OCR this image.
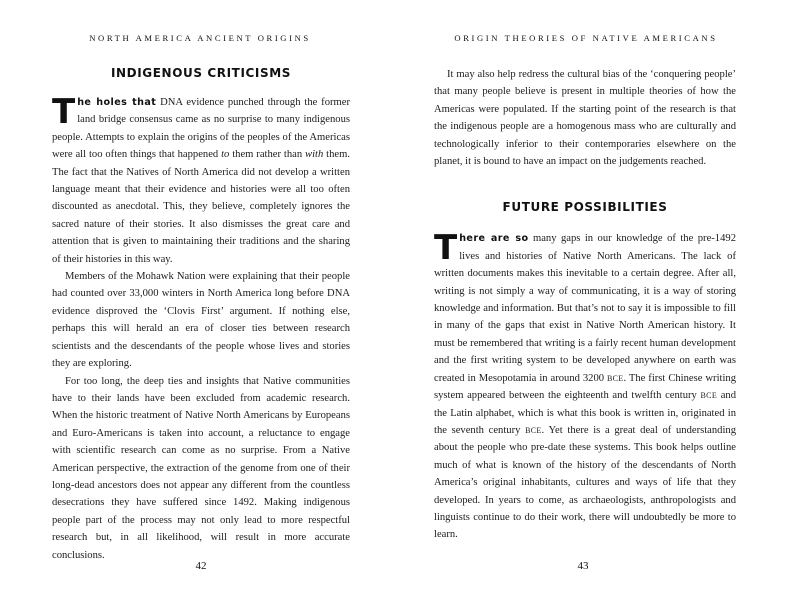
NORTH AMERICA ANCIENT ORIGINS
INDIGENOUS CRITICISMS

The holes that DNA evidence punched through the former land bridge consensus came as no surprise to many indigenous people. Attempts to explain the origins of the peoples of the Americas were all too often things that happened to them rather than with them. The fact that the Natives of North America did not develop a written language meant that their evidence and histories were all too often discounted as anecdotal. This, they believe, completely ignores the sacred nature of their stories. It also dismisses the great care and attention that is given to maintaining their traditions and the sharing of their histories in this way.

Members of the Mohawk Nation were explaining that their people had counted over 33,000 winters in North America long before DNA evidence disproved the ‘Clovis First’ argument. If nothing else, perhaps this will herald an era of closer ties between research scientists and the descendants of the people whose lives and stories they are exploring.

For too long, the deep ties and insights that Native communities have to their lands have been excluded from academic research. When the historic treatment of Native North Americans by Europeans and Euro-Americans is taken into account, a reluctance to engage with scientific research can come as no surprise. From a Native American perspective, the extraction of the genome from one of their long-dead ancestors does not appear any different from the countless desecrations they have suffered since 1492. Making indigenous people part of the process may not only lead to more respectful research but, in all likelihood, will result in more accurate conclusions.

42
ORIGIN THEORIES OF NATIVE AMERICANS

It may also help redress the cultural bias of the ‘conquering people’ that many people believe is present in multiple theories of how the Americas were populated. If the starting point of the research is that the indigenous people are a homogenous mass who are culturally and technologically inferior to their contemporaries elsewhere on the planet, it is bound to have an impact on the judgements reached.

FUTURE POSSIBILITIES

There are so many gaps in our knowledge of the pre-1492 lives and histories of Native North Americans. The lack of written documents makes this inevitable to a certain degree. After all, writing is not simply a way of communicating, it is a way of storing knowledge and information. But that’s not to say it is impossible to fill in many of the gaps that exist in Native North American history. It must be remembered that writing is a fairly recent human development and the first writing system to be developed anywhere on earth was created in Mesopotamia in around 3200 BCE. The first Chinese writing system appeared between the eighteenth and twelfth century BCE and the Latin alphabet, which is what this book is written in, originated in the seventh century BCE. Yet there is a great deal of understanding about the people who pre-date these systems. This book helps outline much of what is known of the history of the descendants of North America’s original inhabitants, cultures and ways of life that they developed. In years to come, as archaeologists, anthropologists and linguists continue to do their work, there will undoubtedly be more to learn.

43
